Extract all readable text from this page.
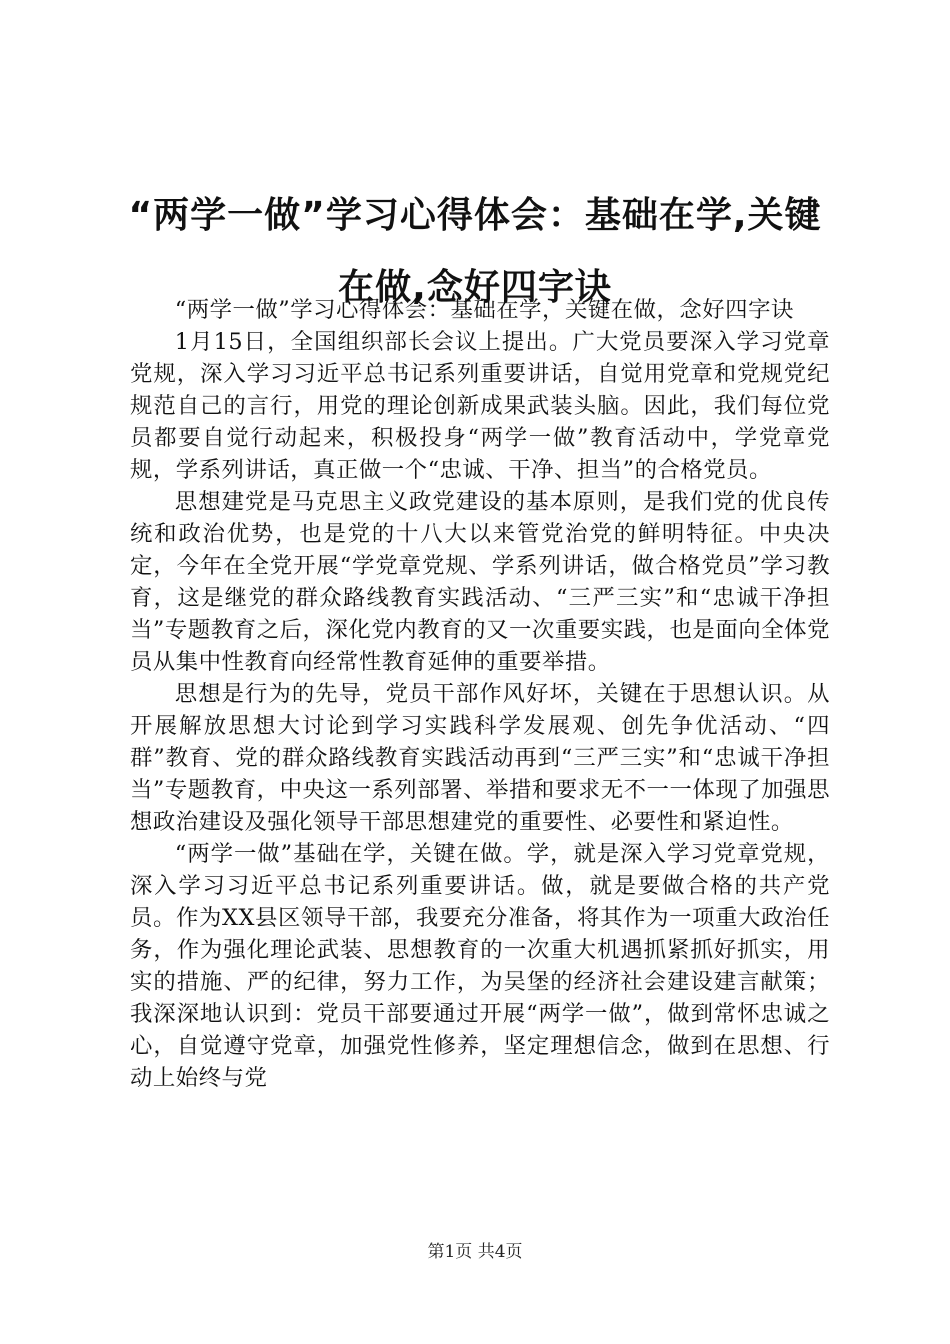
“两学一做”学习心得体会：基础在学,关键
在做,念好四字诀

“两学一做”学习心得体会：基础在学，关键在做，念好四字诀

1月15日，全国组织部长会议上提出。广大党员要深入学习党章党规，深入学习习近平总书记系列重要讲话，自觉用党章和党规党纪规范自己的言行，用党的理论创新成果武装头脑。因此，我们每位党员都要自觉行动起来，积极投身“两学一做”教育活动中，学党章党规，学系列讲话，真正做一个“忠诚、干净、担当”的合格党员。

思想建党是马克思主义政党建设的基本原则，是我们党的优良传统和政治优势，也是党的十八大以来管党治党的鲜明特征。中央决定，今年在全党开展“学党章党规、学系列讲话，做合格党员”学习教育，这是继党的群众路线教育实践活动、“三严三实”和“忠诚干净担当”专题教育之后，深化党内教育的又一次重要实践，也是面向全体党员从集中性教育向经常性教育延伸的重要举措。

思想是行为的先导，党员干部作风好坏，关键在于思想认识。从开展解放思想大讨论到学习实践科学发展观、创先争优活动、“四群”教育、党的群众路线教育实践活动再到“三严三实”和“忠诚干净担当”专题教育，中央这一系列部署、举措和要求无不一一体现了加强思想政治建设及强化领导干部思想建党的重要性、必要性和紧迫性。

“两学一做”基础在学，关键在做。学，就是深入学习党章党规，深入学习习近平总书记系列重要讲话。做，就是要做合格的共产党员。作为XX县区领导干部，我要充分准备，将其作为一项重大政治任务，作为强化理论武装、思想教育的一次重大机遇抓紧抓好抓实，用实的措施、严的纪律，努力工作，为吴堡的经济社会建设建言献策；我深深地认识到：党员干部要通过开展“两学一做”，做到常怀忠诚之心，自觉遵守党章，加强党性修养，坚定理想信念，做到在思想、行动上始终与党

第1页 共4页
